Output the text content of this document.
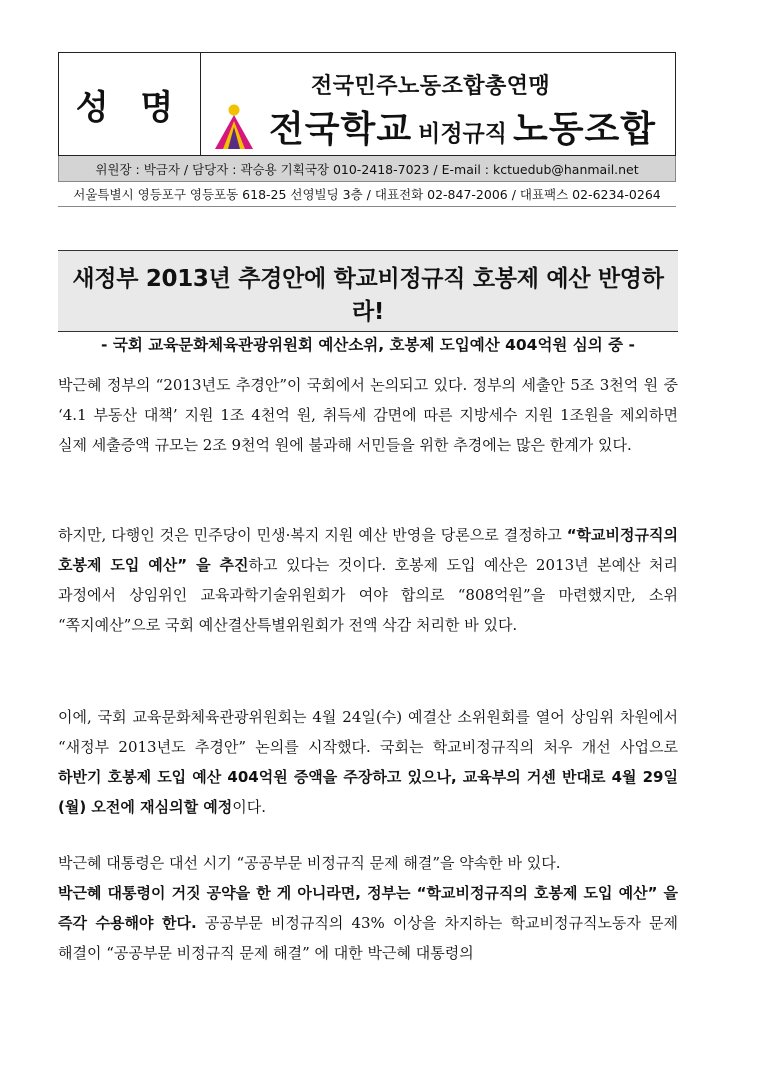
성 명
전국민주노동조합총연맹
전국학교 비정규직 노동조합
위원장 : 박금자 / 담당자 : 곽승용 기획국장 010-2418-7023 / E-mail : kctuedub@hanmail.net
서울특별시 영등포구 영등포동 618-25 선영빌딩 3층 / 대표전화 02-847-2006 / 대표팩스 02-6234-0264
새정부 2013년 추경안에 학교비정규직 호봉제 예산 반영하라!
- 국회 교육문화체육관광위원회 예산소위, 호봉제 도입예산 404억원 심의 중 -
박근혜 정부의 “2013년도 추경안”이 국회에서 논의되고 있다. 정부의 세출안 5조 3천억 원 중 ‘4.1 부동산 대책’ 지원 1조 4천억 원, 취득세 감면에 따른 지방세수 지원 1조원을 제외하면 실제 세출증액 규모는 2조 9천억 원에 불과해 서민들을 위한 추경에는 많은 한계가 있다.
하지만, 다행인 것은 민주당이 민생·복지 지원 예산 반영을 당론으로 결정하고 “학교비정규직의 호봉제 도입 예산” 을 추진하고 있다는 것이다. 호봉제 도입 예산은 2013년 본예산 처리 과정에서 상임위인 교육과학기술위원회가 여야 합의로 “808억원”을 마련했지만, 소위 “쪽지예산”으로 국회 예산결산특별위원회가 전액 삭감 처리한 바 있다.
이에, 국회 교육문화체육관광위원회는 4월 24일(수) 예결산 소위원회를 열어 상임위 차원에서 “새정부 2013년도 추경안” 논의를 시작했다. 국회는 학교비정규직의 처우 개선 사업으로 하반기 호봉제 도입 예산 404억원 증액을 주장하고 있으나, 교육부의 거센 반대로 4월 29일(월) 오전에 재심의할 예정이다.
박근혜 대통령은 대선 시기 “공공부문 비정규직 문제 해결”을 약속한 바 있다.
박근혜 대통령이 거짓 공약을 한 게 아니라면, 정부는 “학교비정규직의 호봉제 도입 예산” 을 즉각 수용해야 한다. 공공부문 비정규직의 43% 이상을 차지하는 학교비정규직노동자 문제 해결이 “공공부문 비정규직 문제 해결” 에 대한 박근혜 대통령의
